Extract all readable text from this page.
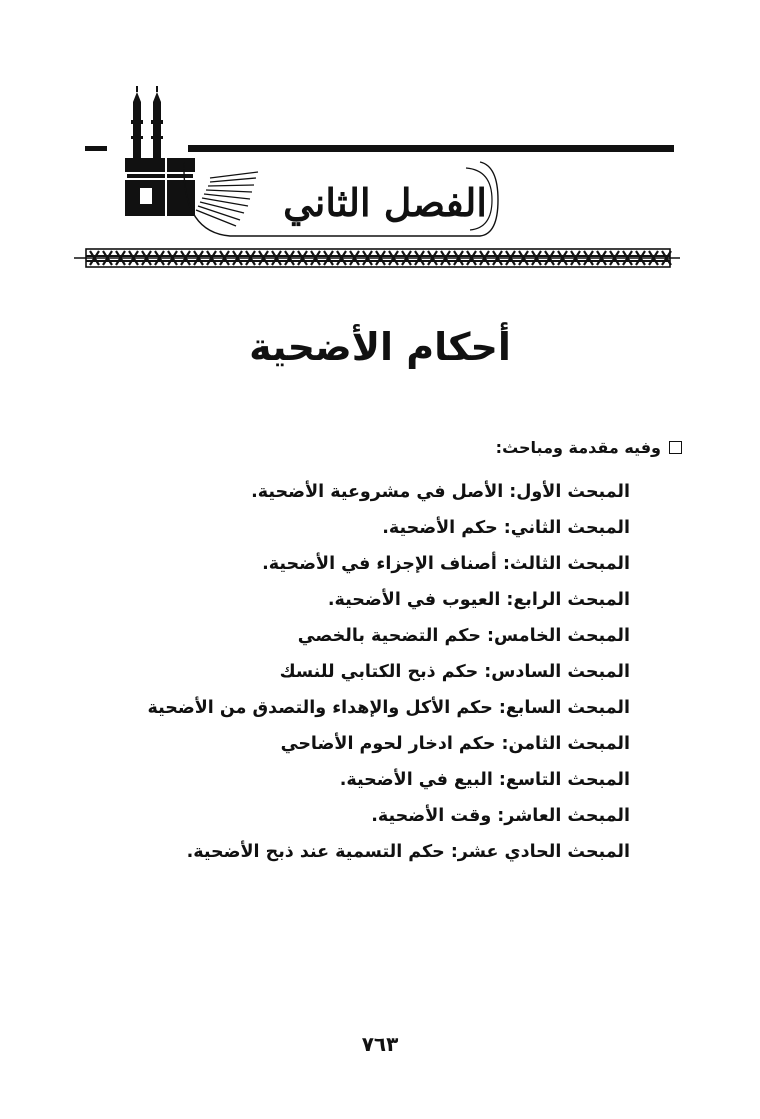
الفصل الثاني
أحكام الأضحية
وفيه مقدمة ومباحث:
المبحث الأول:الأصل في مشروعية الأضحية.
المبحث الثاني:حكم الأضحية.
المبحث الثالث:أصناف الإجزاء في الأضحية.
المبحث الرابع:العيوب في الأضحية.
المبحث الخامس:حكم التضحية بالخصي
المبحث السادس:حكم ذبح الكتابي للنسك
المبحث السابع:حكم الأكل والإهداء والتصدق من الأضحية
المبحث الثامن:حكم ادخار لحوم الأضاحي
المبحث التاسع:البيع في الأضحية.
المبحث العاشر:وقت الأضحية.
المبحث الحادي عشر:حكم التسمية عند ذبح الأضحية.
٧٦٣
